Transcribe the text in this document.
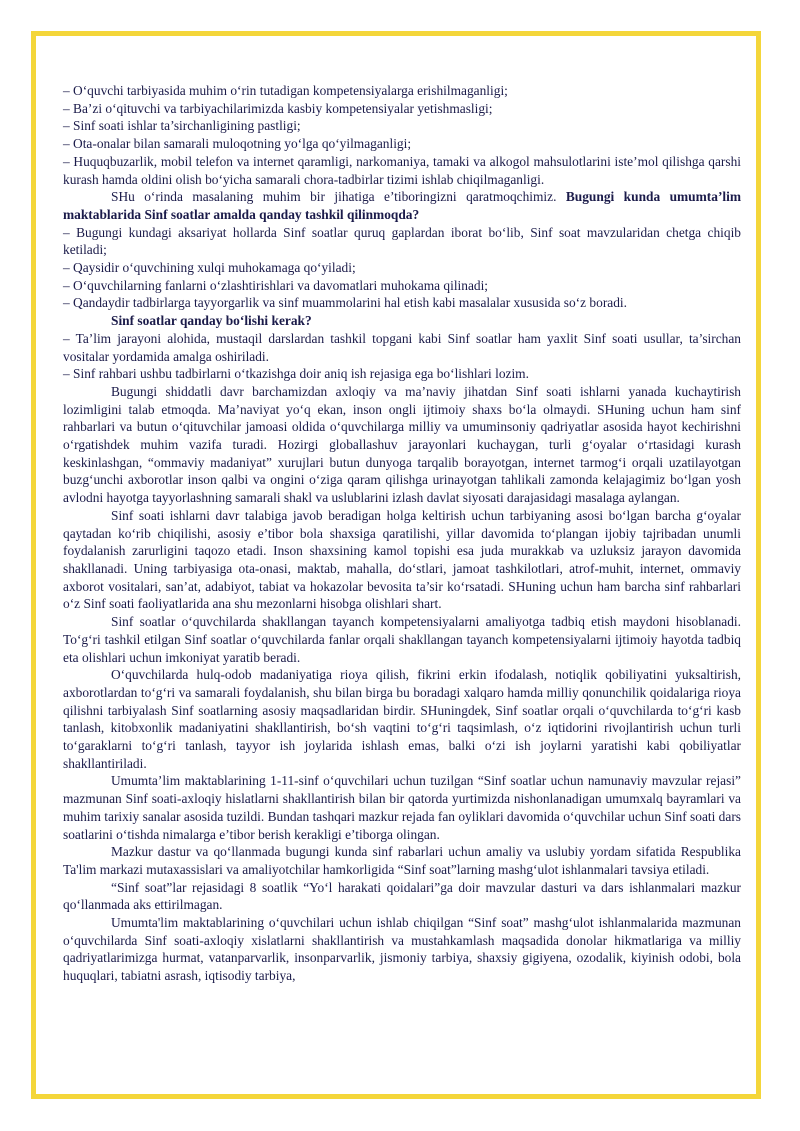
– O‘quvchi tarbiyasida muhim o‘rin tutadigan kompetensiyalarga erishilmaganligi;

– Ba’zi o‘qituvchi va tarbiyachilarimizda kasbiy kompetensiyalar yetishmasligi;

– Sinf soati ishlar ta’sirchanligining pastligi;

– Ota-onalar bilan samarali muloqotning yo‘lga qo‘yilmaganligi;

– Huquqbuzarlik, mobil telefon va internet qaramligi, narkomaniya, tamaki va alkogol mahsulotlarini iste’mol qilishga qarshi kurash hamda oldini olish bo‘yicha samarali chora-tadbirlar tizimi ishlab chiqilmaganligi.

SHu o‘rinda masalaning muhim bir jihatiga e’tiboringizni qaratmoqchimiz. Bugungi kunda umumta’lim maktablarida Sinf soatlar amalda qanday tashkil qilinmoqda?

– Bugungi kundagi aksariyat hollarda Sinf soatlar quruq gaplardan iborat bo‘lib, Sinf soat mavzularidan chetga chiqib ketiladi;

– Qaysidir o‘quvchining xulqi muhokamaga qo‘yiladi;

– O‘quvchilarning fanlarni o‘zlashtirishlari va davomatlari muhokama qilinadi;

– Qandaydir tadbirlarga tayyorgarlik va sinf muammolarini hal etish kabi masalalar xususida so‘z boradi.

Sinf soatlar qanday bo‘lishi kerak?

– Ta’lim jarayoni alohida, mustaqil darslardan tashkil topgani kabi Sinf soatlar ham yaxlit Sinf soati usullar, ta’sirchan vositalar yordamida amalga oshiriladi.

– Sinf rahbari ushbu tadbirlarni o‘tkazishga doir aniq ish rejasiga ega bo‘lishlari lozim.

Bugungi shiddatli davr barchamizdan axloqiy va ma’naviy jihatdan Sinf soati ishlarni yanada kuchaytirish lozimligini talab etmoqda. Ma’naviyat yo‘q ekan, inson ongli ijtimoiy shaxs bo‘la olmaydi. SHuning uchun ham sinf rahbarlari va butun o‘qituvchilar jamoasi oldida o‘quvchilarga milliy va umuminsoniy qadriyatlar asosida hayot kechirishni o‘rgatishdek muhim vazifa turadi. Hozirgi globallashuv jarayonlari kuchaygan, turli g‘oyalar o‘rtasidagi kurash keskinlashgan, “ommaviy madaniyat” xurujlari butun dunyoga tarqalib borayotgan, internet tarmog‘i orqali uzatilayotgan buzg‘unchi axborotlar inson qalbi va ongini o‘ziga qaram qilishga urinayotgan tahlikali zamonda kelajagimiz bo‘lgan yosh avlodni hayotga tayyorlashning samarali shakl va uslublarini izlash davlat siyosati darajasidagi masalaga aylangan.

Sinf soati ishlarni davr talabiga javob beradigan holga keltirish uchun tarbiyaning asosi bo‘lgan barcha g‘oyalar qaytadan ko‘rib chiqilishi, asosiy e’tibor bola shaxsiga qaratilishi, yillar davomida to‘plangan ijobiy tajribadan unumli foydalanish zarurligini taqozo etadi. Inson shaxsining kamol topishi esa juda murakkab va uzluksiz jarayon davomida shakllanadi. Uning tarbiyasiga ota-onasi, maktab, mahalla, do‘stlari, jamoat tashkilotlari, atrof-muhit, internet, ommaviy axborot vositalari, san’at, adabiyot, tabiat va hokazolar bevosita ta’sir ko‘rsatadi. SHuning uchun ham barcha sinf rahbarlari o‘z Sinf soati faoliyatlarida ana shu mezonlarni hisobga olishlari shart.

Sinf soatlar o‘quvchilarda shakllangan tayanch kompetensiyalarni amaliyotga tadbiq etish maydoni hisoblanadi. To‘g‘ri tashkil etilgan Sinf soatlar o‘quvchilarda fanlar orqali shakllangan tayanch kompetensiyalarni ijtimoiy hayotda tadbiq eta olishlari uchun imkoniyat yaratib beradi.

O‘quvchilarda hulq-odob madaniyatiga rioya qilish, fikrini erkin ifodalash, notiqlik qobiliyatini yuksaltirish, axborotlardan to‘g‘ri va samarali foydalanish, shu bilan birga bu boradagi xalqaro hamda milliy qonunchilik qoidalariga rioya qilishni tarbiyalash Sinf soatlarning asosiy maqsadlaridan birdir. SHuningdek, Sinf soatlar orqali o‘quvchilarda to‘g‘ri kasb tanlash, kitobxonlik madaniyatini shakllantirish, bo‘sh vaqtini to‘g‘ri taqsimlash, o‘z iqtidorini rivojlantirish uchun turli to‘garaklarni to‘g‘ri tanlash, tayyor ish joylarida ishlash emas, balki o‘zi ish joylarni yaratishi kabi qobiliyatlar shakllantiriladi.

Umumta’lim maktablarining 1-11-sinf o‘quvchilari uchun tuzilgan “Sinf soatlar uchun namunaviy mavzular rejasi” mazmunan Sinf soati-axloqiy hislatlarni shakllantirish bilan bir qatorda yurtimizda nishonlanadigan umumxalq bayramlari va muhim tarixiy sanalar asosida tuzildi. Bundan tashqari mazkur rejada fan oyliklari davomida o‘quvchilar uchun Sinf soati dars soatlarini o‘tishda nimalarga e’tibor berish kerakligi e’tiborga olingan.

Mazkur dastur va qo‘llanmada bugungi kunda sinf rabarlari uchun amaliy va uslubiy yordam sifatida Respublika Ta'lim markazi mutaxassislari va amaliyotchilar hamkorligida “Sinf soat”larning mashg‘ulot ishlanmalari tavsiya etiladi.

“Sinf soat”lar rejasidagi 8 soatlik “Yo‘l harakati qoidalari”ga doir mavzular dasturi va dars ishlanmalari mazkur qo‘llanmada aks ettirilmagan.

Umumta'lim maktablarining o‘quvchilari uchun ishlab chiqilgan “Sinf soat” mashg‘ulot ishlanmalarida mazmunan o‘quvchilarda Sinf soati-axloqiy xislatlarni shakllantirish va mustahkamlash maqsadida donolar hikmatlariga va milliy qadriyatlarimizga hurmat, vatanparvarlik, insonparvarlik, jismoniy tarbiya, shaxsiy gigiyena, ozodalik, kiyinish odobi, bola huquqlari, tabiatni asrash, iqtisodiy tarbiya,
